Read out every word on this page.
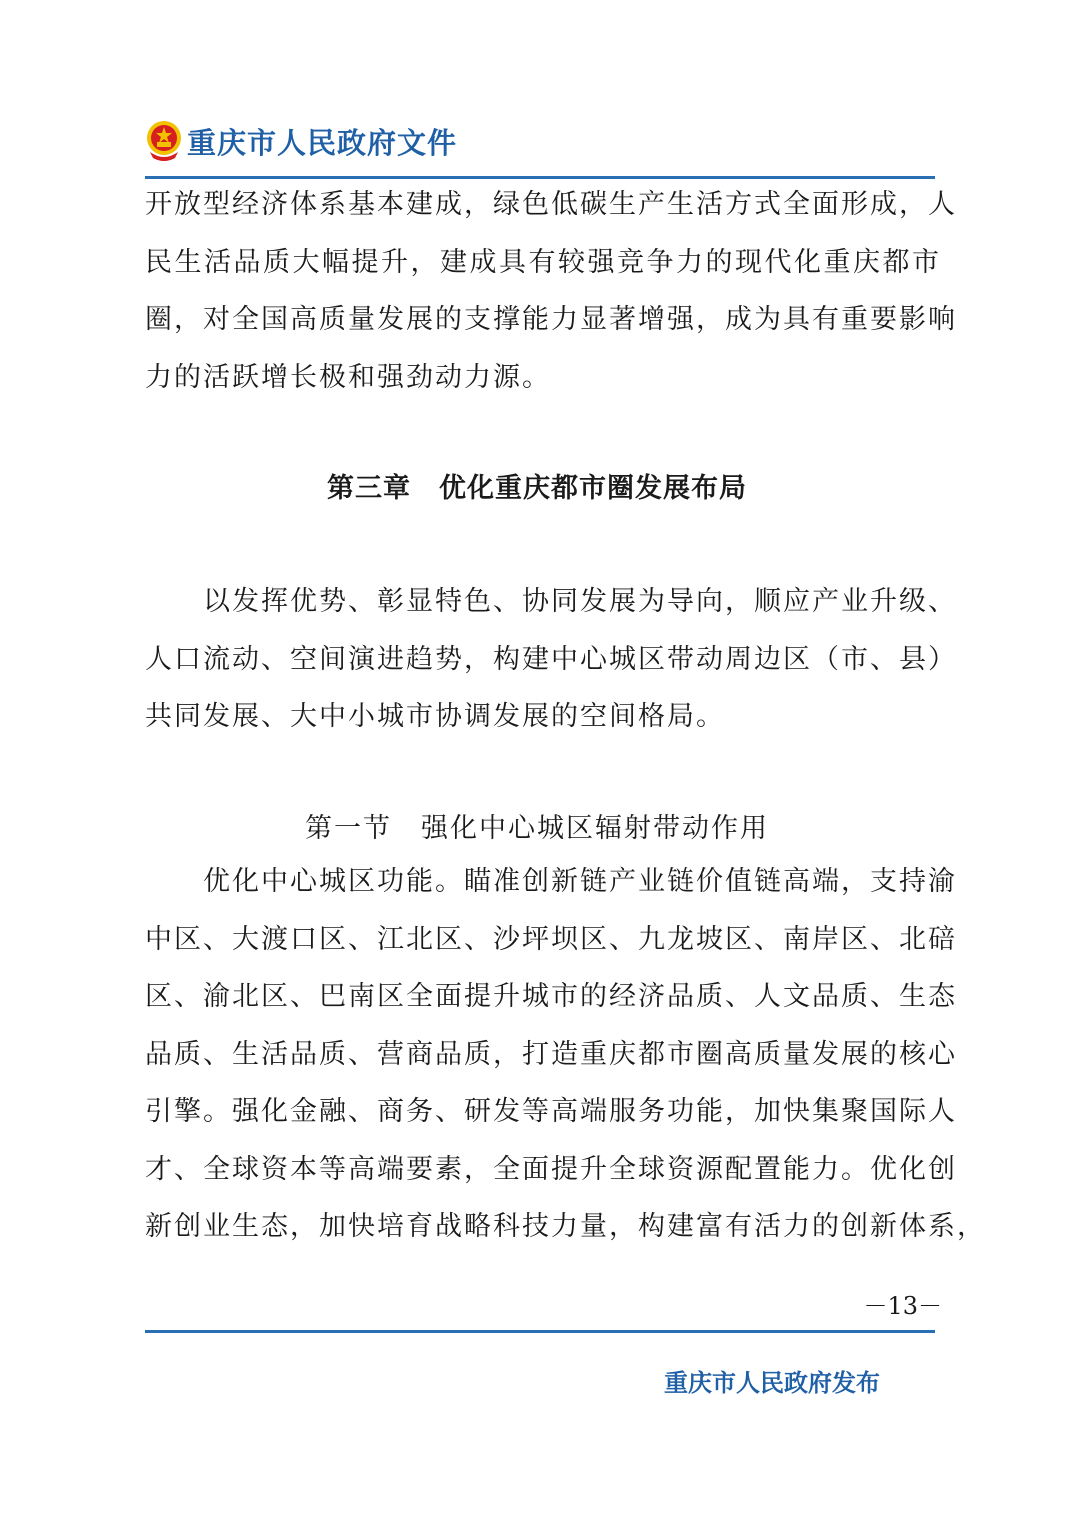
重庆市人民政府文件
开放型经济体系基本建成，绿色低碳生产生活方式全面形成，人
民生活品质大幅提升，建成具有较强竞争力的现代化重庆都市
圈，对全国高质量发展的支撑能力显著增强，成为具有重要影响
力的活跃增长极和强劲动力源。
第三章　优化重庆都市圈发展布局
　　以发挥优势、彰显特色、协同发展为导向，顺应产业升级、
人口流动、空间演进趋势，构建中心城区带动周边区（市、县）
共同发展、大中小城市协调发展的空间格局。
第一节　强化中心城区辐射带动作用
　　优化中心城区功能。瞄准创新链产业链价值链高端，支持渝
中区、大渡口区、江北区、沙坪坝区、九龙坡区、南岸区、北碚
区、渝北区、巴南区全面提升城市的经济品质、人文品质、生态
品质、生活品质、营商品质，打造重庆都市圈高质量发展的核心
引擎。强化金融、商务、研发等高端服务功能，加快集聚国际人
才、全球资本等高端要素，全面提升全球资源配置能力。优化创
新创业生态，加快培育战略科技力量，构建富有活力的创新体系，
－13－
重庆市人民政府发布
